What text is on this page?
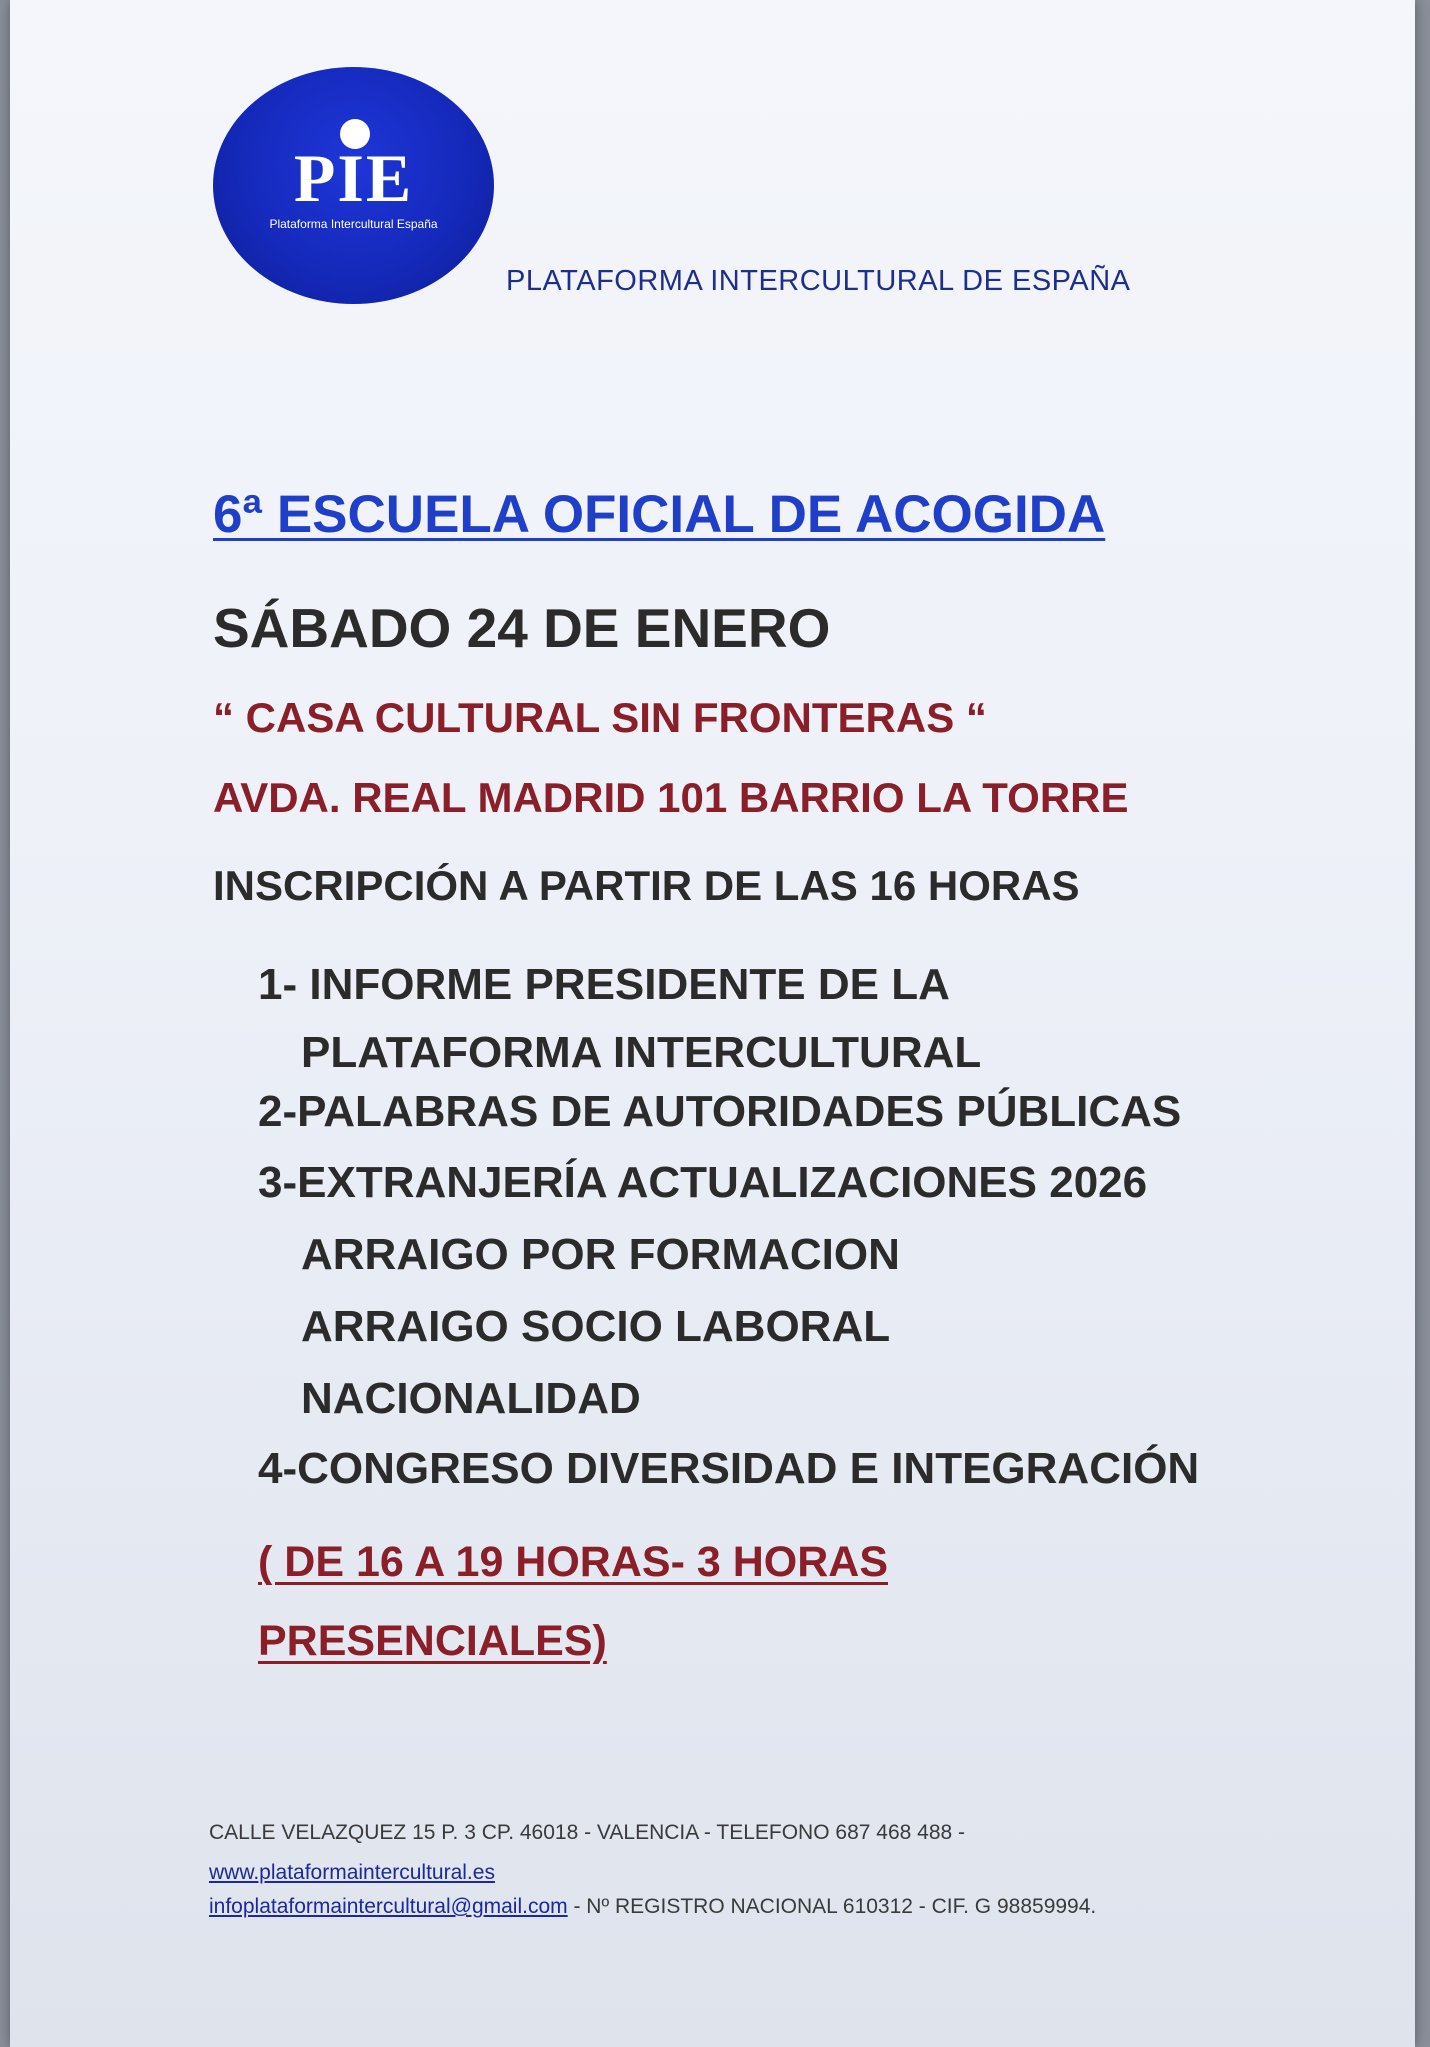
PIE
Plataforma Intercultural España
PLATAFORMA INTERCULTURAL DE ESPAÑA
6ª ESCUELA OFICIAL DE ACOGIDA
SÁBADO 24 DE ENERO
“ CASA CULTURAL SIN FRONTERAS “
AVDA. REAL MADRID 101 BARRIO LA TORRE
INSCRIPCIÓN A PARTIR DE LAS 16 HORAS
1- INFORME PRESIDENTE DE LA
PLATAFORMA INTERCULTURAL
2-PALABRAS DE AUTORIDADES PÚBLICAS
3-EXTRANJERÍA ACTUALIZACIONES 2026
ARRAIGO POR FORMACION
ARRAIGO SOCIO LABORAL
NACIONALIDAD
4-CONGRESO DIVERSIDAD E INTEGRACIÓN
( DE 16 A 19 HORAS- 3 HORAS
PRESENCIALES)
CALLE VELAZQUEZ 15 P. 3 CP. 46018 - VALENCIA - TELEFONO 687 468 488 -
www.plataformaintercultural.es
infoplataformaintercultural@gmail.com - Nº REGISTRO NACIONAL 610312 - CIF. G 98859994.
